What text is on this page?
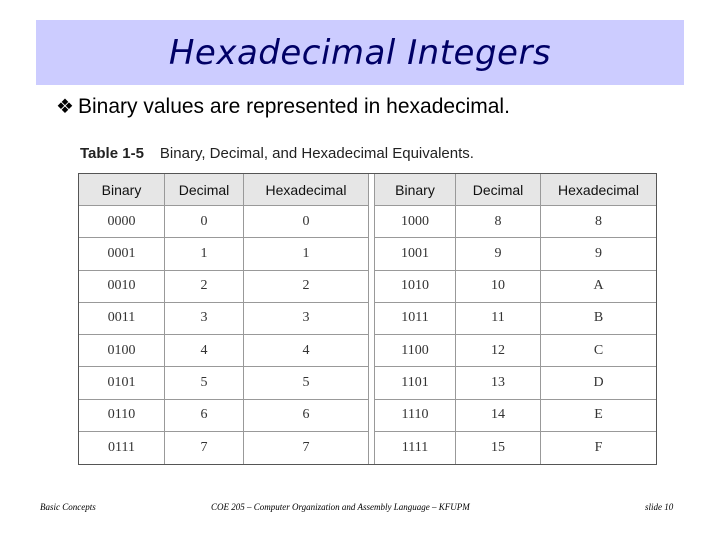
Hexadecimal Integers
❖ Binary values are represented in hexadecimal.
Table 1-5 Binary, Decimal, and Hexadecimal Equivalents.
Binary	Decimal	Hexadecimal	Binary	Decimal	Hexadecimal
0000	0	0	1000	8	8
0001	1	1	1001	9	9
0010	2	2	1010	10	A
0011	3	3	1011	11	B
0100	4	4	1100	12	C
0101	5	5	1101	13	D
0110	6	6	1110	14	E
0111	7	7	1111	15	F
Basic Concepts	COE 205 – Computer Organization and Assembly Language – KFUPM	slide 10
